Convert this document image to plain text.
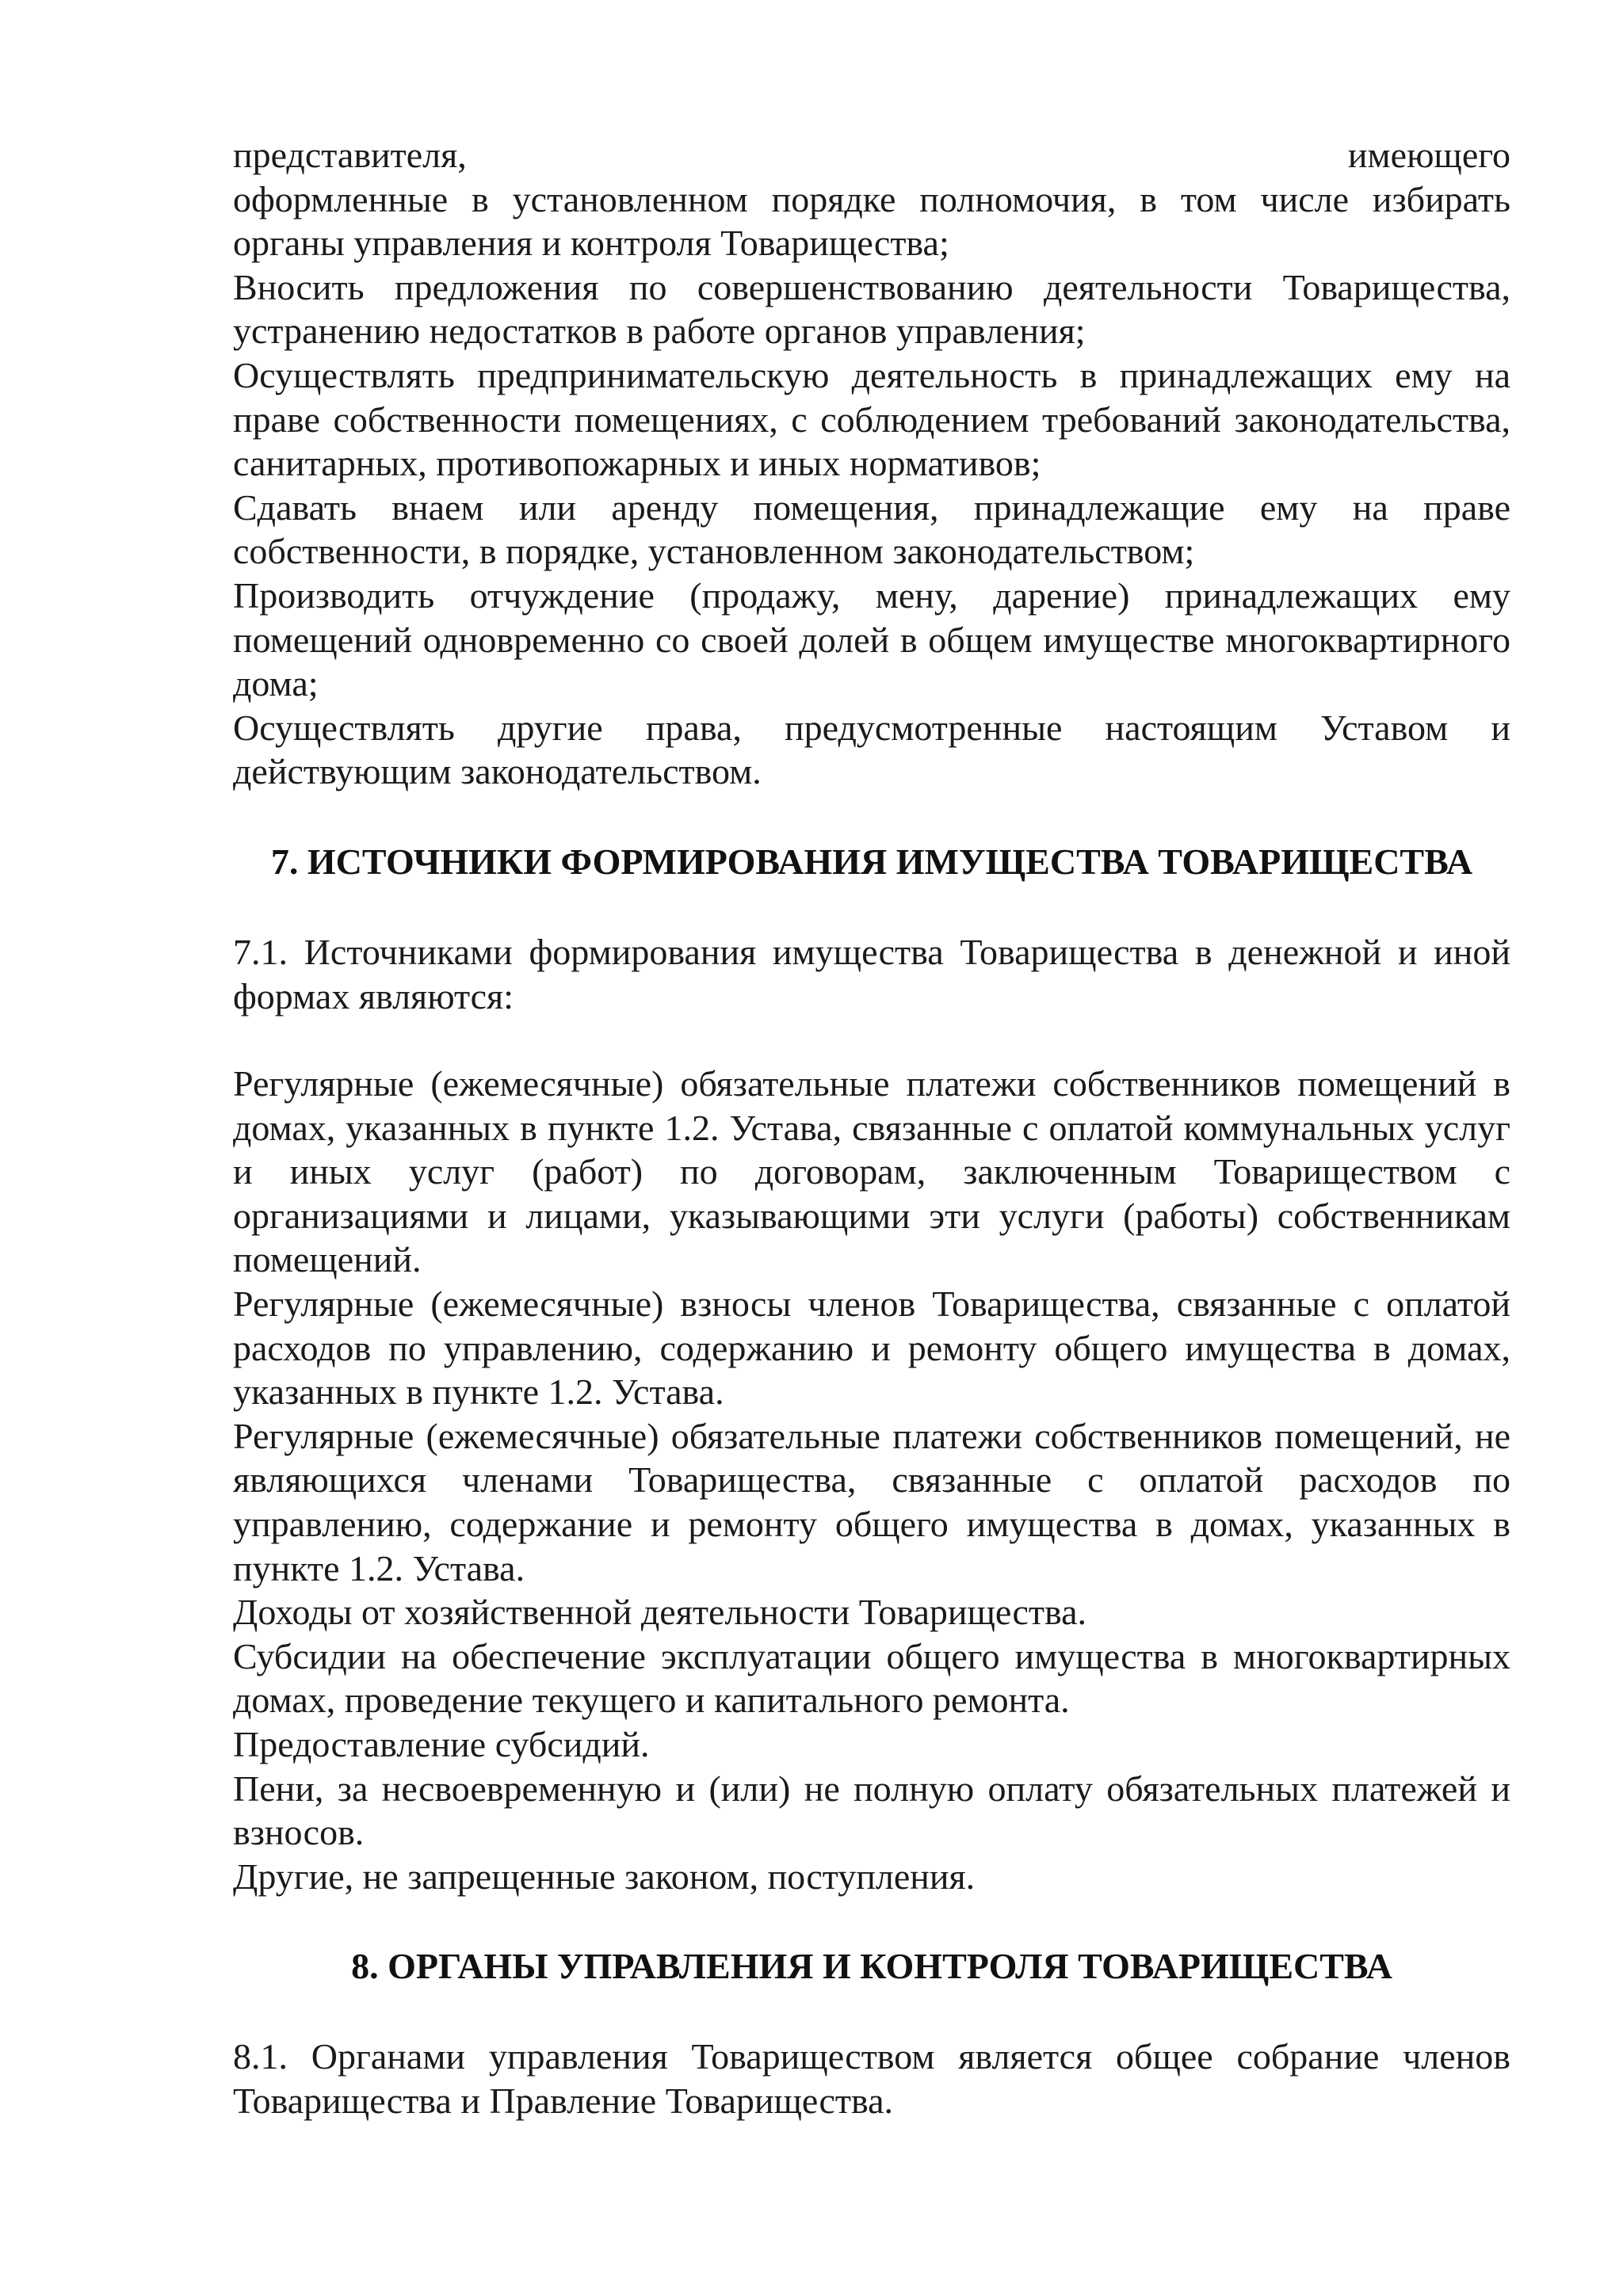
представителя, имеющего

оформленные в установленном порядке полномочия, в том числе избирать органы управления и контроля Товарищества;

Вносить предложения по совершенствованию деятельности Товарищества, устранению недостатков в работе органов управления;

Осуществлять предпринимательскую деятельность в принадлежащих ему на праве собственности помещениях, с соблюдением требований законодательства, санитарных, противопожарных и иных нормативов;

Сдавать внаем или аренду помещения, принадлежащие ему на праве собственности, в порядке, установленном законодательством;

Производить отчуждение (продажу, мену, дарение) принадлежащих ему помещений одновременно со своей долей в общем имуществе многоквартирного дома;

Осуществлять другие права, предусмотренные настоящим Уставом и действующим законодательством.

7. ИСТОЧНИКИ ФОРМИРОВАНИЯ ИМУЩЕСТВА ТОВАРИЩЕСТВА

7.1. Источниками формирования имущества Товарищества в денежной и иной формах являются:

Регулярные (ежемесячные) обязательные платежи собственников помещений в домах, указанных в пункте 1.2. Устава, связанные с оплатой коммунальных услуг и иных услуг (работ) по договорам, заключенным Товариществом с организациями и лицами, указывающими эти услуги (работы) собственникам помещений.

Регулярные (ежемесячные) взносы членов Товарищества, связанные с оплатой расходов по управлению, содержанию и ремонту общего имущества в домах, указанных в пункте 1.2. Устава.

Регулярные (ежемесячные) обязательные платежи собственников помещений, не являющихся членами Товарищества, связанные с оплатой расходов по управлению, содержание и ремонту общего имущества в домах, указанных в пункте 1.2. Устава.

Доходы от хозяйственной деятельности Товарищества.

Субсидии на обеспечение эксплуатации общего имущества в многоквартирных домах, проведение текущего и капитального ремонта.

Предоставление субсидий.

Пени, за несвоевременную и (или) не полную оплату обязательных платежей и взносов.

Другие, не запрещенные законом, поступления.

8. ОРГАНЫ УПРАВЛЕНИЯ И КОНТРОЛЯ ТОВАРИЩЕСТВА

8.1. Органами управления Товариществом является общее собрание членов Товарищества и Правление Товарищества.
